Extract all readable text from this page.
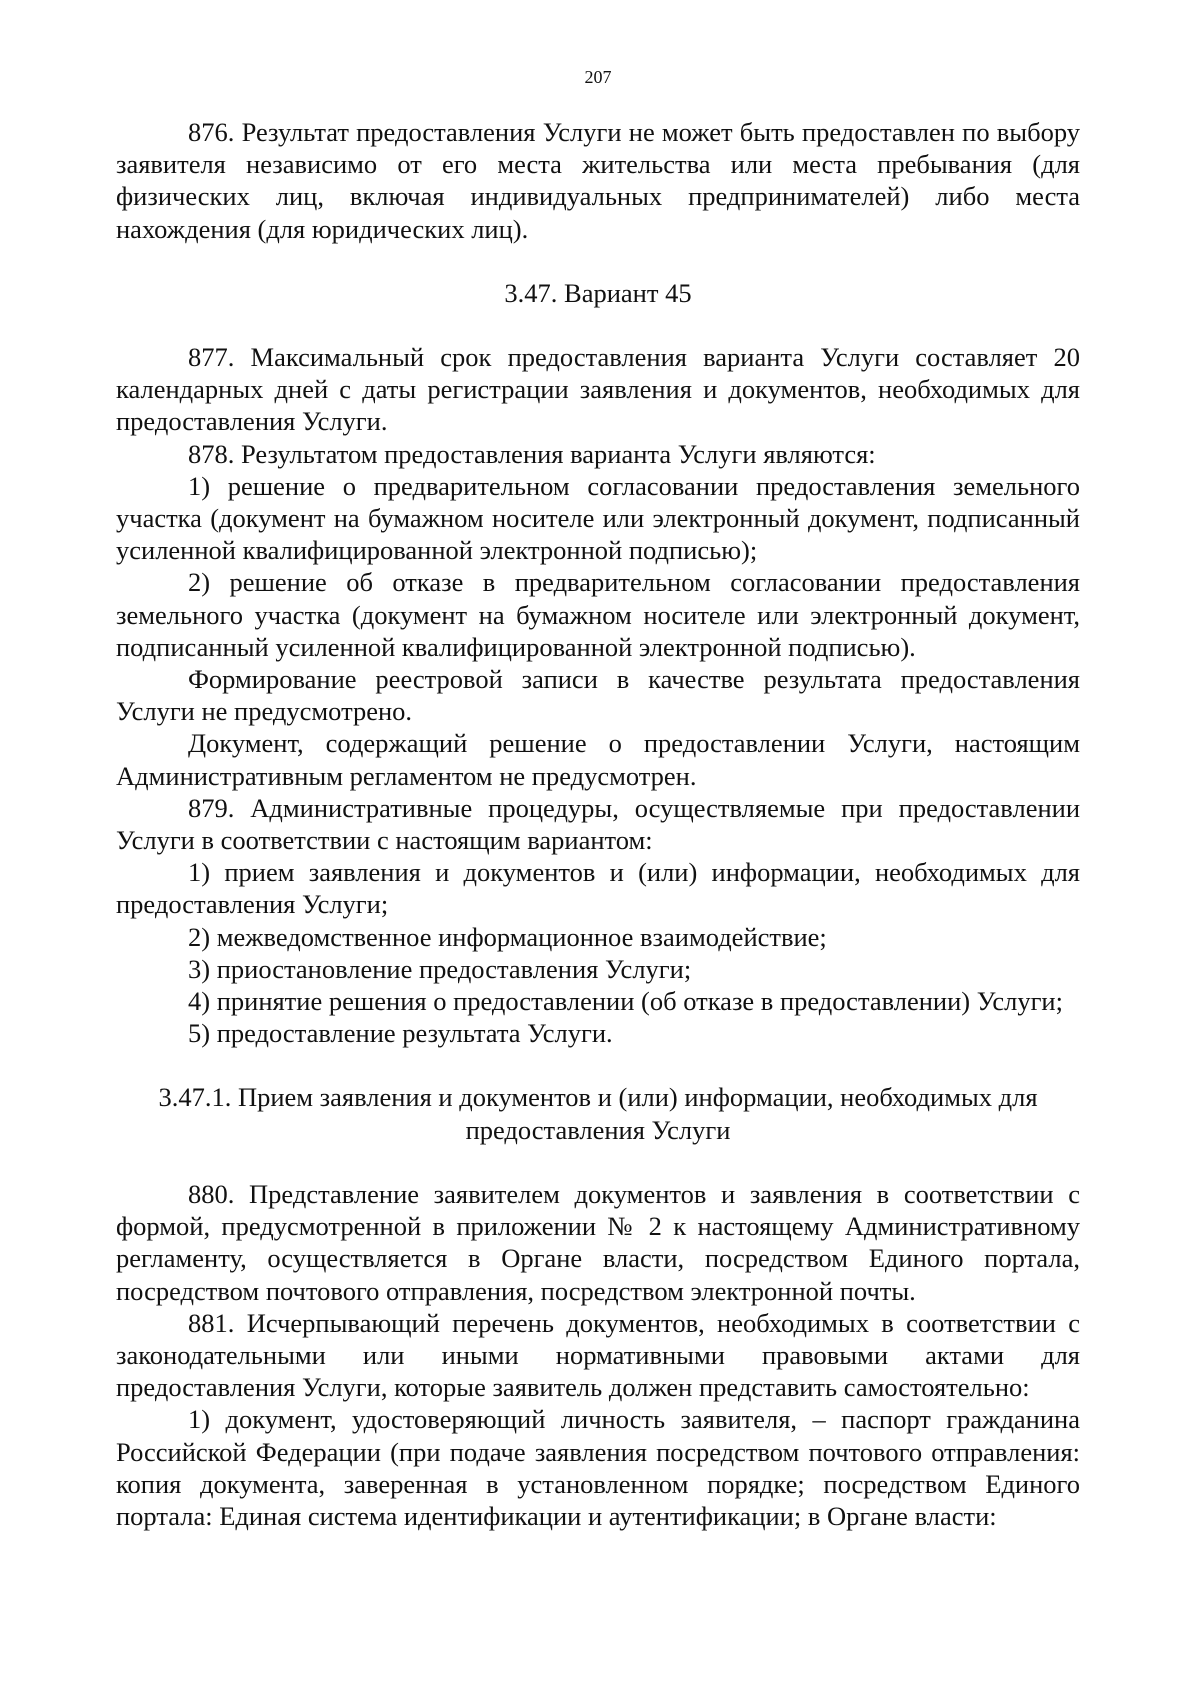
207

876. Результат предоставления Услуги не может быть предоставлен по выбору заявителя независимо от его места жительства или места пребывания (для физических лиц, включая индивидуальных предпринимателей) либо места нахождения (для юридических лиц).

3.47. Вариант 45

877. Максимальный срок предоставления варианта Услуги составляет 20 календарных дней с даты регистрации заявления и документов, необходимых для предоставления Услуги.

878. Результатом предоставления варианта Услуги являются:

1) решение о предварительном согласовании предоставления земельного участка (документ на бумажном носителе или электронный документ, подписанный усиленной квалифицированной электронной подписью);

2) решение об отказе в предварительном согласовании предоставления земельного участка (документ на бумажном носителе или электронный документ, подписанный усиленной квалифицированной электронной подписью).

Формирование реестровой записи в качестве результата предоставления Услуги не предусмотрено.

Документ, содержащий решение о предоставлении Услуги, настоящим Административным регламентом не предусмотрен.

879. Административные процедуры, осуществляемые при предоставлении Услуги в соответствии с настоящим вариантом:

1) прием заявления и документов и (или) информации, необходимых для предоставления Услуги;

2) межведомственное информационное взаимодействие;

3) приостановление предоставления Услуги;

4) принятие решения о предоставлении (об отказе в предоставлении) Услуги;

5) предоставление результата Услуги.

3.47.1. Прием заявления и документов и (или) информации, необходимых для

предоставления Услуги

880. Представление заявителем документов и заявления в соответствии с формой, предусмотренной в приложении № 2 к настоящему Административному регламенту, осуществляется в Органе власти, посредством Единого портала, посредством почтового отправления, посредством электронной почты.

881. Исчерпывающий перечень документов, необходимых в соответствии с законодательными или иными нормативными правовыми актами для предоставления Услуги, которые заявитель должен представить самостоятельно:

1) документ, удостоверяющий личность заявителя, – паспорт гражданина Российской Федерации (при подаче заявления посредством почтового отправления: копия документа, заверенная в установленном порядке; посредством Единого портала: Единая система идентификации и аутентификации; в Органе власти:
